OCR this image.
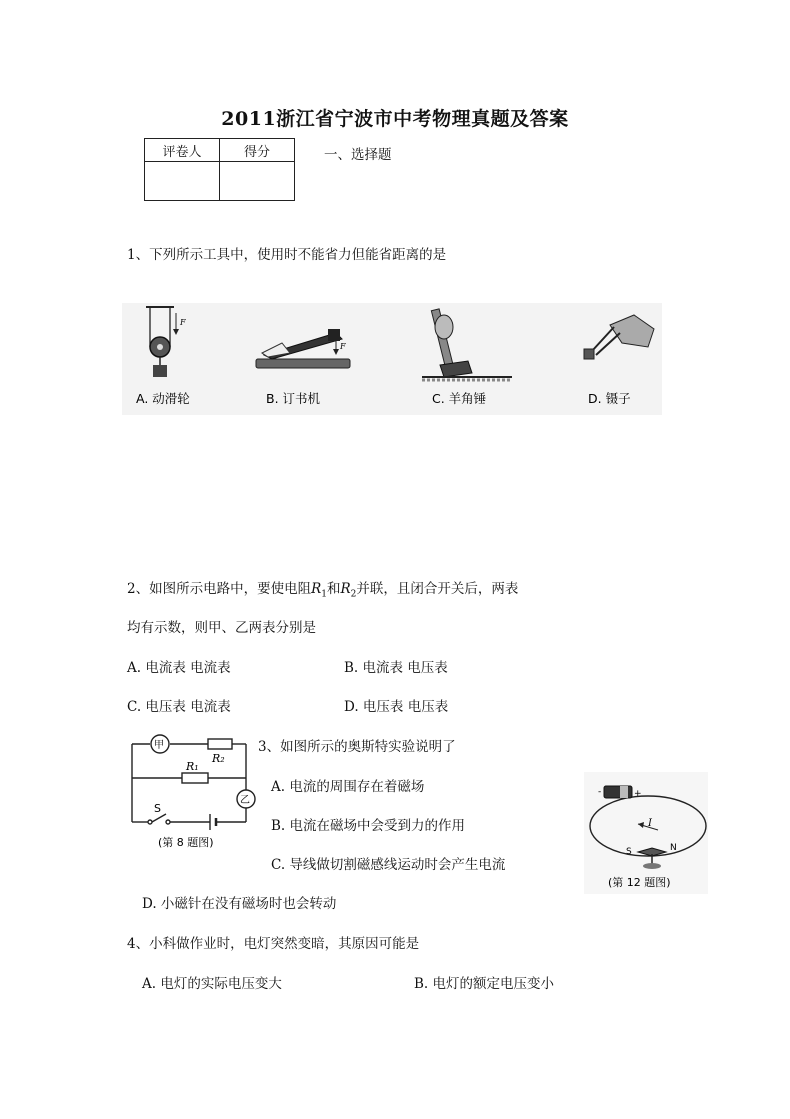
2011浙江省宁波市中考物理真题及答案
评卷人	得分
		一、选择题
1、下列所示工具中，使用时不能省力但能省距离的是
F
F
A. 动滑轮	B. 订书机	C. 羊角锤	D. 镊子
2、如图所示电路中，要使电阻$R_1$和$R_2$并联，且闭合开关后，两表
均有示数，则甲、乙两表分别是
A. 电流表 电流表	B. 电流表 电压表
C. 电压表 电流表	D. 电压表 电压表
甲
乙
R₂
R₁
S
(第 8 题图)
3、如图所示的奥斯特实验说明了
A. 电流的周围存在着磁场
B. 电流在磁场中会受到力的作用
C. 导线做切割磁感线运动时会产生电流
D. 小磁针在没有磁场时也会转动
-	+
I
S	N
(第 12 题图)
4、小科做作业时，电灯突然变暗，其原因可能是
A. 电灯的实际电压变大	B. 电灯的额定电压变小
